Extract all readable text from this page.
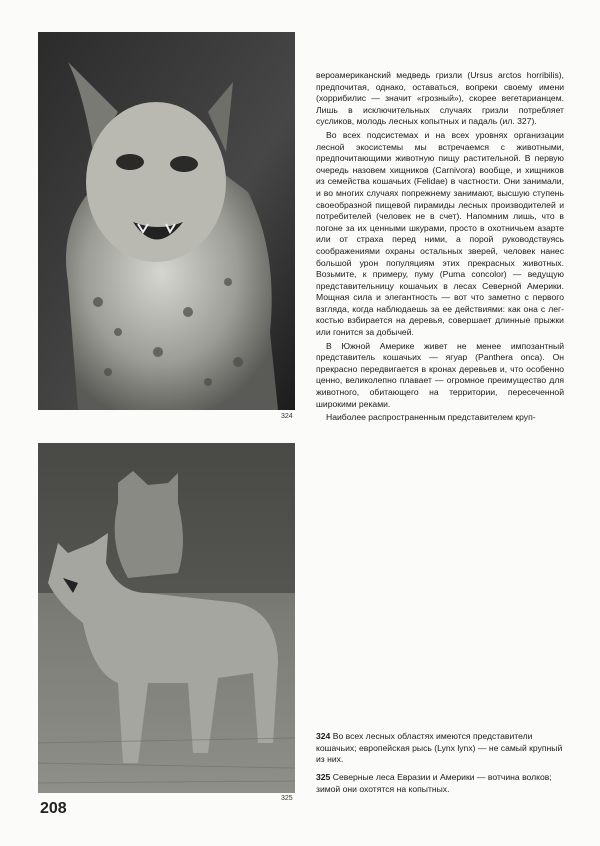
324
325

вероамериканский медведь гризли (Ursus arctos horribilis), предпочитая, однако, оставаться, вопреки своему имени (хоррибилис — значит «грозный»), скорее вегетарианцем. Лишь в исключительных случаях гризли потребляет сусликов, молодь лесных копытных и падаль (ил. 327).

Во всех подсистемах и на всех уровнях организации лесной экосистемы мы встречаемся с животными, предпочитающими животную пищу растительной. В первую очередь назовем хищников (Carnivora) вообще, и хищников из семейства кошачьих (Felidae) в частности. Они занимали, и во многих случаях попрежнему занимают, высшую ступень своеобразной пищевой пирамиды лесных производителей и потребителей (человек не в счет). Напомним лишь, что в погоне за их ценными шкурами, просто в охотничьем азарте или от страха перед ними, а порой руководствуясь соображениями охраны остальных зверей, человек нанес большой урон популяциям этих прекрасных животных. Возьмите, к примеру, пуму (Puma concolor) — ведущую представительницу кошачьих в лесах Северной Америки. Мощная сила и элегантность — вот что заметно с первого взгляда, когда наблюдаешь за ее действиями: как она с легкостью взбирается на деревья, совершает длинные прыжки или гонится за добычей.

В Южной Америке живет не менее импозантный представитель кошачьих — ягуар (Panthera onca). Он прекрасно передвигается в кронах деревьев и, что особенно ценно, великолепно плавает — огромное преимущество для животного, обитающего на территории, пересеченной широкими реками.

Наиболее распространенным представителем круп-

324 Во всех лесных областях имеются представители кошачьих; европейская рысь (Lynx lynx) — не самый крупный из них.
325 Северные леса Евразии и Америки — вотчина волков; зимой они охотятся на копытных.
208
